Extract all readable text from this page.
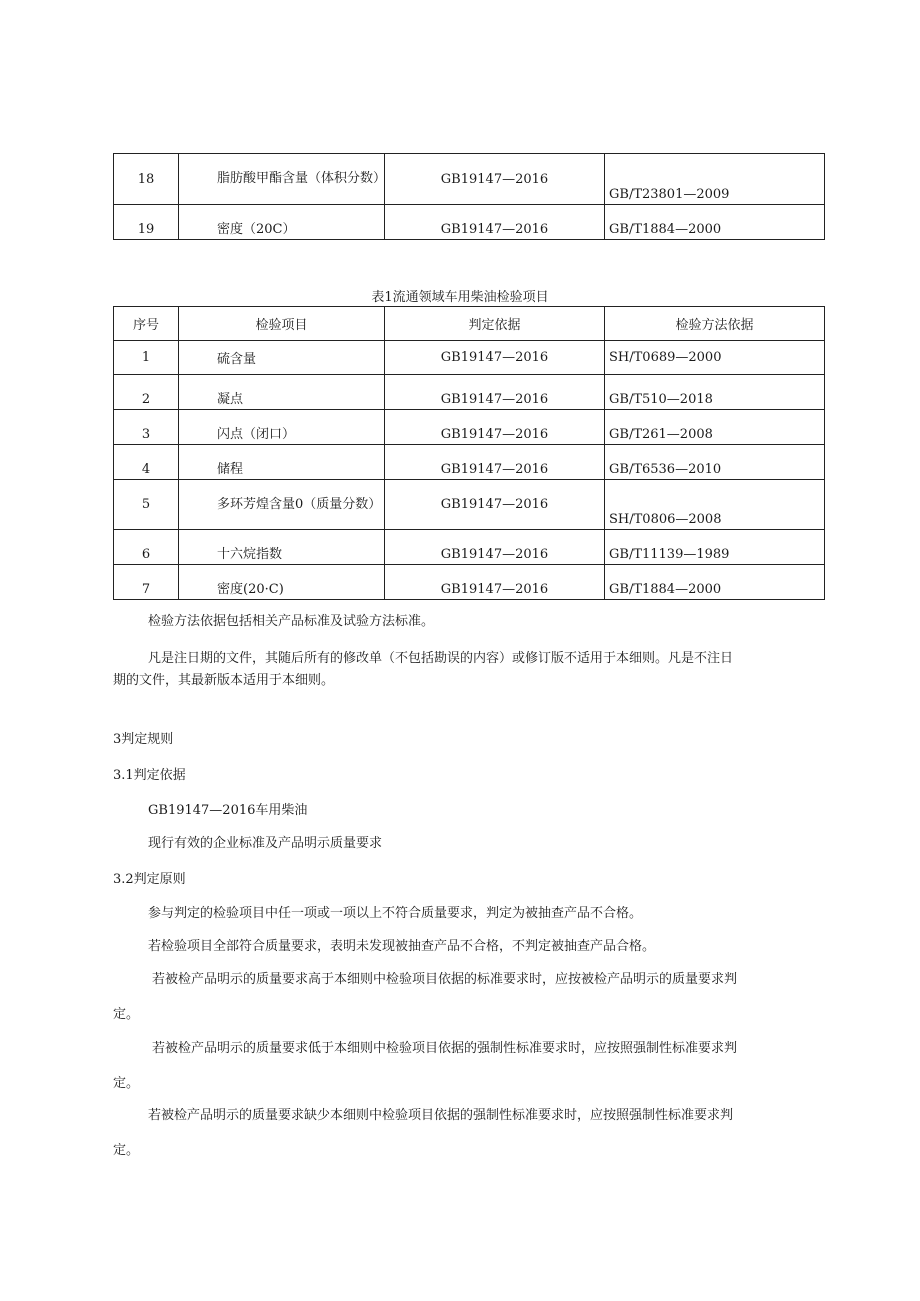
18	脂肪酸甲酯含量（体积分数）	GB19147—2016	GB/T23801—2009
19	密度（20C）	GB19147—2016	GB/T1884—2000
表1流通领域车用柴油检验项目
序号	检验项目	判定依据	检验方法依据
1	硫含量	GB19147—2016	SH/T0689—2000
2	凝点	GB19147—2016	GB/T510—2018
3	闪点（闭口）	GB19147—2016	GB/T261—2008
4	储程	GB19147—2016	GB/T6536—2010
5	多环芳煌含量0（质量分数）	GB19147—2016	SH/T0806—2008
6	十六烷指数	GB19147—2016	GB/T11139—1989
7	密度(20·C)	GB19147—2016	GB/T1884—2000
检验方法依据包括相关产品标准及试验方法标准。
凡是注日期的文件，其随后所有的修改单（不包括勘误的内容）或修订版不适用于本细则。凡是不注日
期的文件，其最新版本适用于本细则。
3判定规则
3.1判定依据
GB19147—2016车用柴油
现行有效的企业标准及产品明示质量要求
3.2判定原则
参与判定的检验项目中任一项或一项以上不符合质量要求，判定为被抽查产品不合格。
若检验项目全部符合质量要求，表明未发现被抽查产品不合格，不判定被抽查产品合格。
若被检产品明示的质量要求高于本细则中检验项目依据的标准要求时，应按被检产品明示的质量要求判
定。
若被检产品明示的质量要求低于本细则中检验项目依据的强制性标准要求时，应按照强制性标准要求判
定。
若被检产品明示的质量要求缺少本细则中检验项目依据的强制性标准要求时，应按照强制性标准要求判
定。
